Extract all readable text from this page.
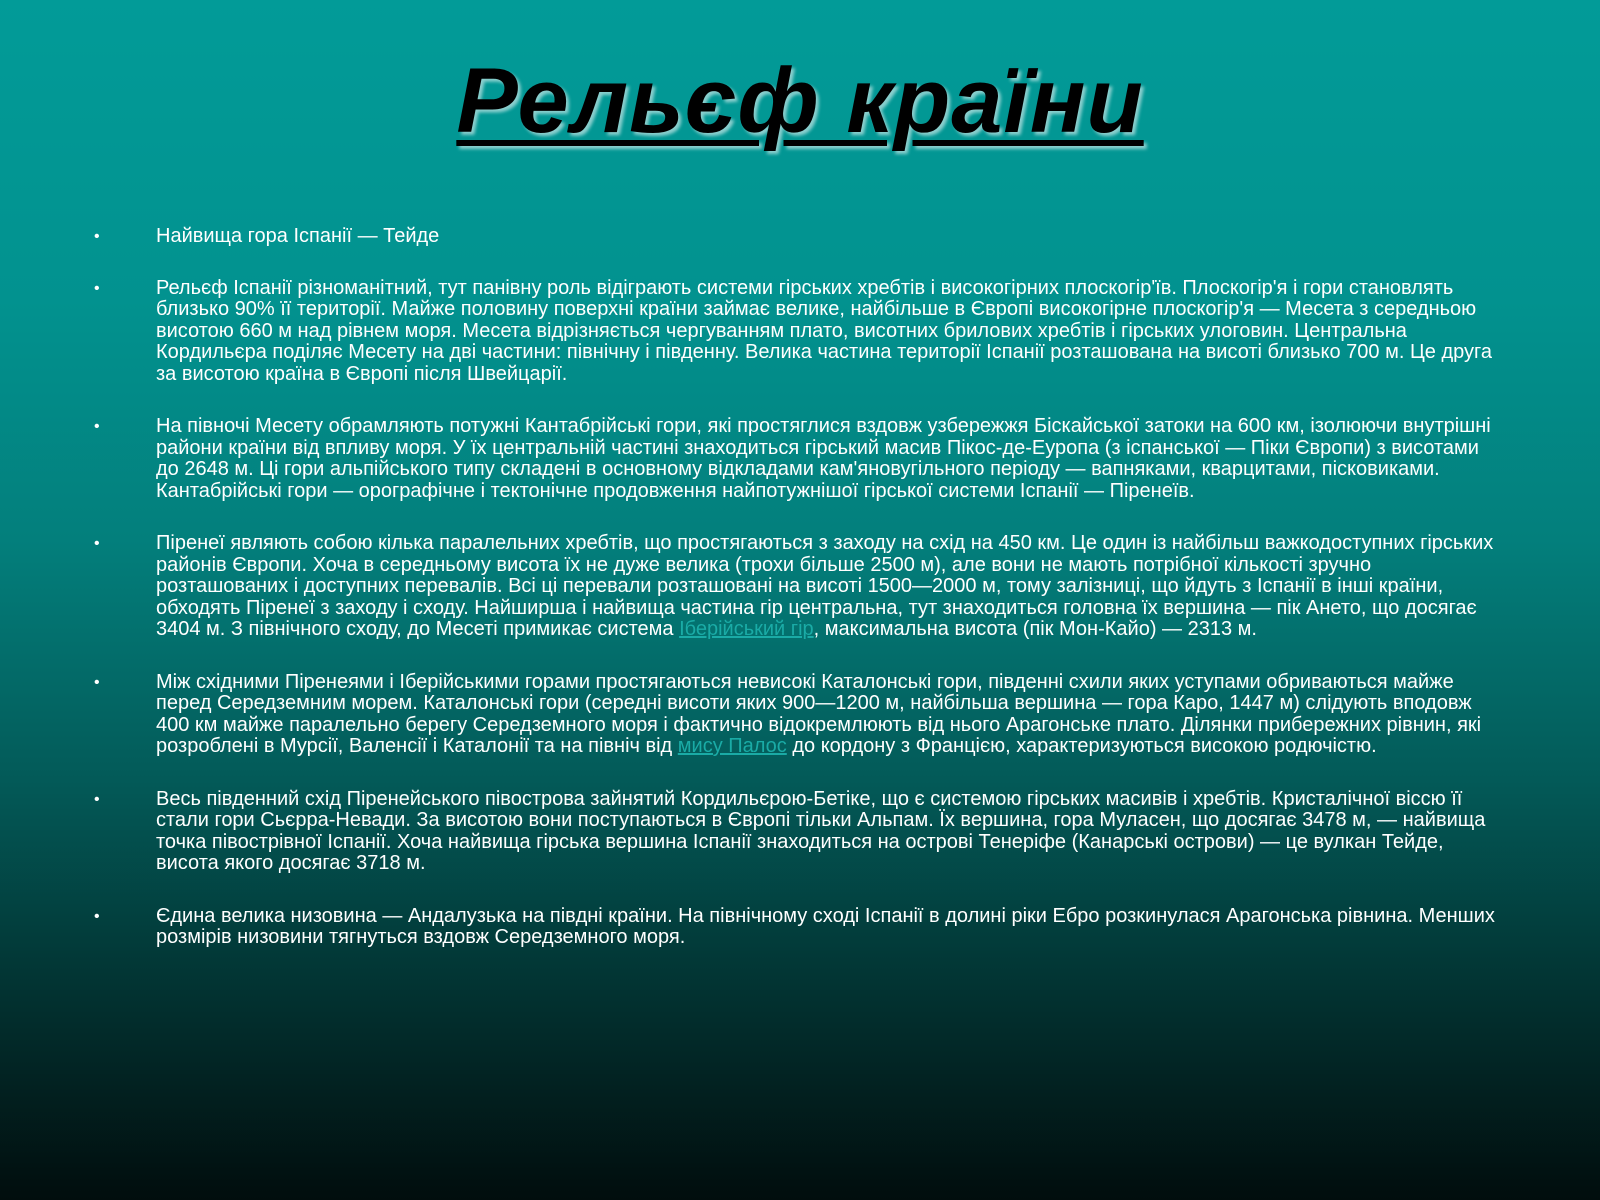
Рельєф країни
•	Найвища гора Іспанії — Тейде
•	Рельєф Іспанії різноманітний, тут панівну роль відіграють системи гірських хребтів і високогірних плоскогір'їв. Плоскогір'я і гори становлять близько 90% її території. Майже половину поверхні країни займає велике, найбільше в Європі високогірне плоскогір'я — Месета з середньою висотою 660 м над рівнем моря. Месета відрізняється чергуванням плато, висотних брилових хребтів і гірських улоговин. Центральна Кордильєра поділяє Месету на дві частини: північну і південну. Велика частина території Іспанії розташована на висоті близько 700 м. Це друга за висотою країна в Європі після Швейцарії.
•	На півночі Месету обрамляють потужні Кантабрійські гори, які простяглися вздовж узбережжя Біскайської затоки на 600 км, ізолюючи внутрішні райони країни від впливу моря. У їх центральній частині знаходиться гірський масив Пікос-де-Еуропа (з іспанської — Піки Європи) з висотами до 2648 м. Ці гори альпійського типу складені в основному відкладами кам'яновугільного періоду — вапняками, кварцитами, пісковиками. Кантабрійські гори — орографічне і тектонічне продовження найпотужнішої гірської системи Іспанії — Піренеїв.
•	Піренеї являють собою кілька паралельних хребтів, що простягаються з заходу на схід на 450 км. Це один із найбільш важкодоступних гірських районів Європи. Хоча в середньому висота їх не дуже велика (трохи більше 2500 м), але вони не мають потрібної кількості зручно розташованих і доступних перевалів. Всі ці перевали розташовані на висоті 1500—2000 м, тому залізниці, що йдуть з Іспанії в інші країни, обходять Піренеї з заходу і сходу. Найширша і найвища частина гір центральна, тут знаходиться головна їх вершина — пік Ането, що досягає 3404 м. З північного сходу, до Месеті примикає система Іберійський гір, максимальна висота (пік Мон-Кайо) — 2313 м.
•	Між східними Піренеями і Іберійськими горами простягаються невисокі Каталонські гори, південні схили яких уступами обриваються майже перед Середземним морем. Каталонські гори (середні висоти яких 900—1200 м, найбільша вершина — гора Каро, 1447 м) слідують вподовж 400 км майже паралельно берегу Середземного моря і фактично відокремлюють від нього Арагонське плато. Ділянки прибережних рівнин, які розроблені в Мурсії, Валенсії і Каталонії та на північ від мису Палос до кордону з Францією, характеризуються високою родючістю.
•	Весь південний схід Піренейського півострова зайнятий Кордильєрою-Бетіке, що є системою гірських масивів і хребтів. Кристалічної віссю її стали гори Сьєрра-Невади. За висотою вони поступаються в Європі тільки Альпам. Їх вершина, гора Муласен, що досягає 3478 м, — найвища точка півострівної Іспанії. Хоча найвища гірська вершина Іспанії знаходиться на острові Тенеріфе (Канарські острови) — це вулкан Тейде, висота якого досягає 3718 м.
•	Єдина велика низовина — Андалузька на півдні країни. На північному сході Іспанії в долині ріки Ебро розкинулася Арагонська рівнина. Менших розмірів низовини тягнуться вздовж Середземного моря.
